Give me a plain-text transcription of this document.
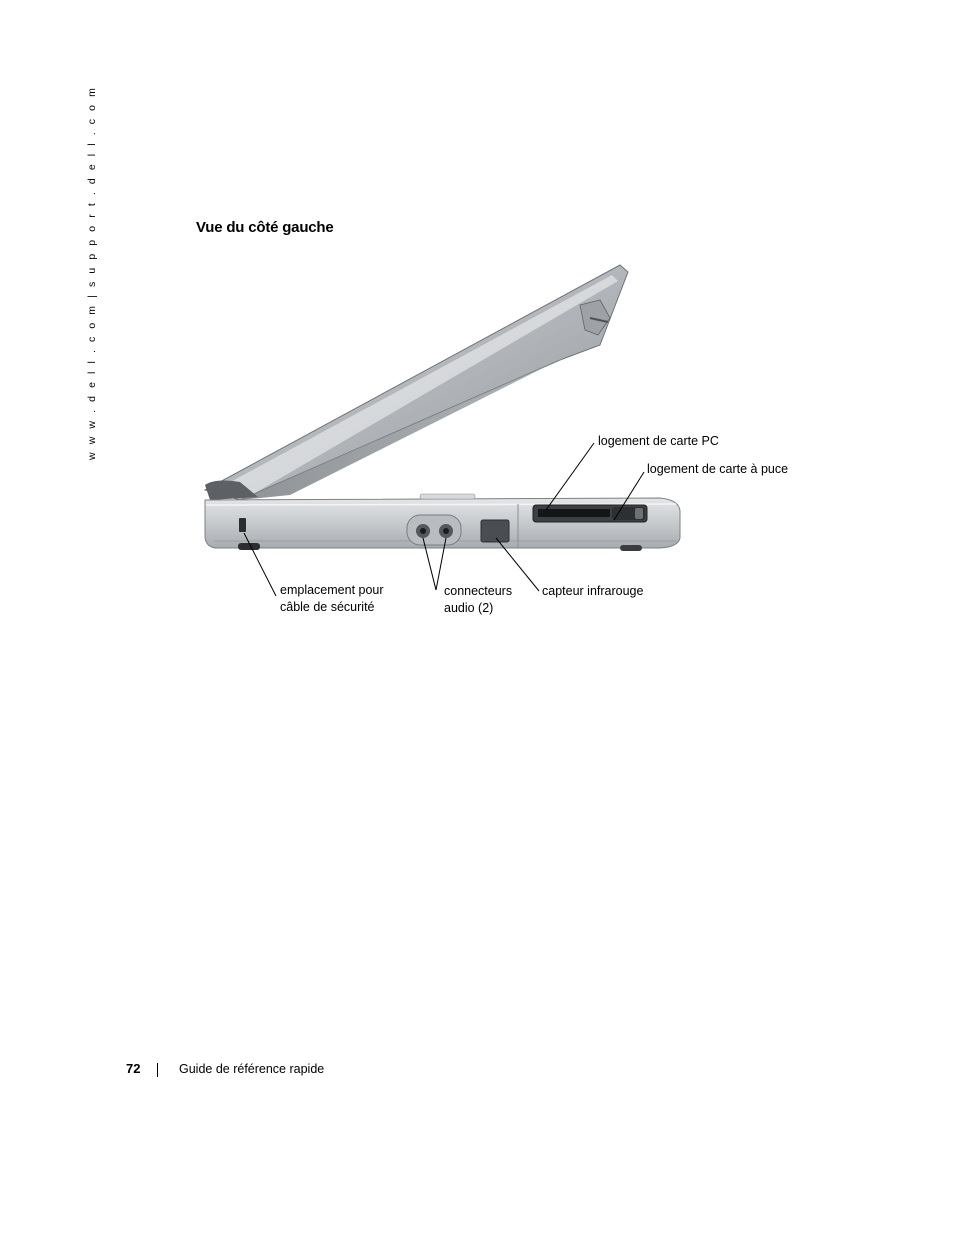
w w w . d e l l . c o m | s u p p o r t . d e l l . c o m	Vue du côté gauche
logement de carte PC
logement de carte à puce
emplacement pour
câble de sécurité
connecteurs
audio (2)
capteur infrarouge
72	Guide de référence rapide
